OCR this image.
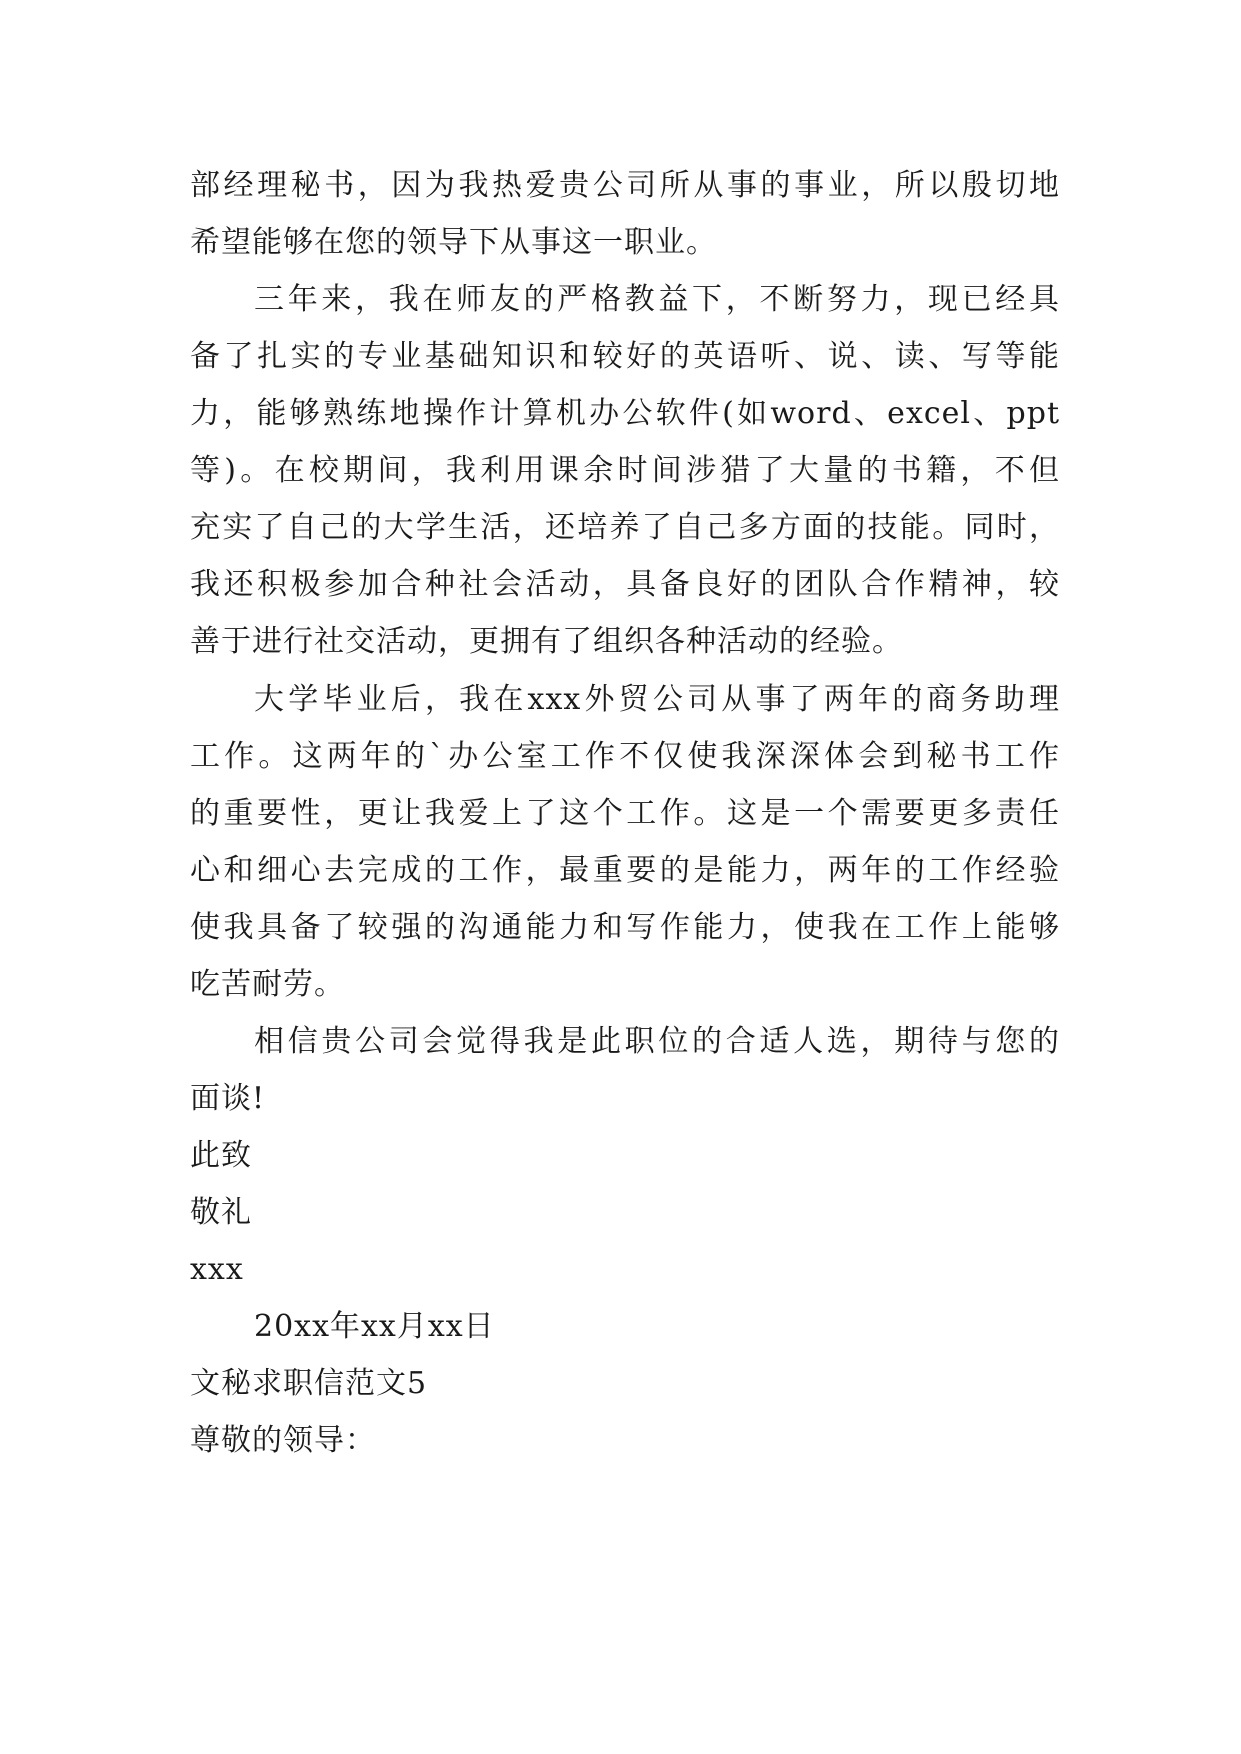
部经理秘书，因为我热爱贵公司所从事的事业，所以殷切地
希望能够在您的领导下从事这一职业。
三年来，我在师友的严格教益下，不断努力，现已经具
备了扎实的专业基础知识和较好的英语听、说、读、写等能
力，能够熟练地操作计算机办公软件(如word、excel、ppt
等)。在校期间，我利用课余时间涉猎了大量的书籍，不但
充实了自己的大学生活，还培养了自己多方面的技能。同时，
我还积极参加合种社会活动，具备良好的团队合作精神，较
善于进行社交活动，更拥有了组织各种活动的经验。
大学毕业后，我在xxx外贸公司从事了两年的商务助理
工作。这两年的`办公室工作不仅使我深深体会到秘书工作
的重要性，更让我爱上了这个工作。这是一个需要更多责任
心和细心去完成的工作，最重要的是能力，两年的工作经验
使我具备了较强的沟通能力和写作能力，使我在工作上能够
吃苦耐劳。
相信贵公司会觉得我是此职位的合适人选，期待与您的
面谈!
此致
敬礼
xxx
20xx年xx月xx日
文秘求职信范文5
尊敬的领导：
